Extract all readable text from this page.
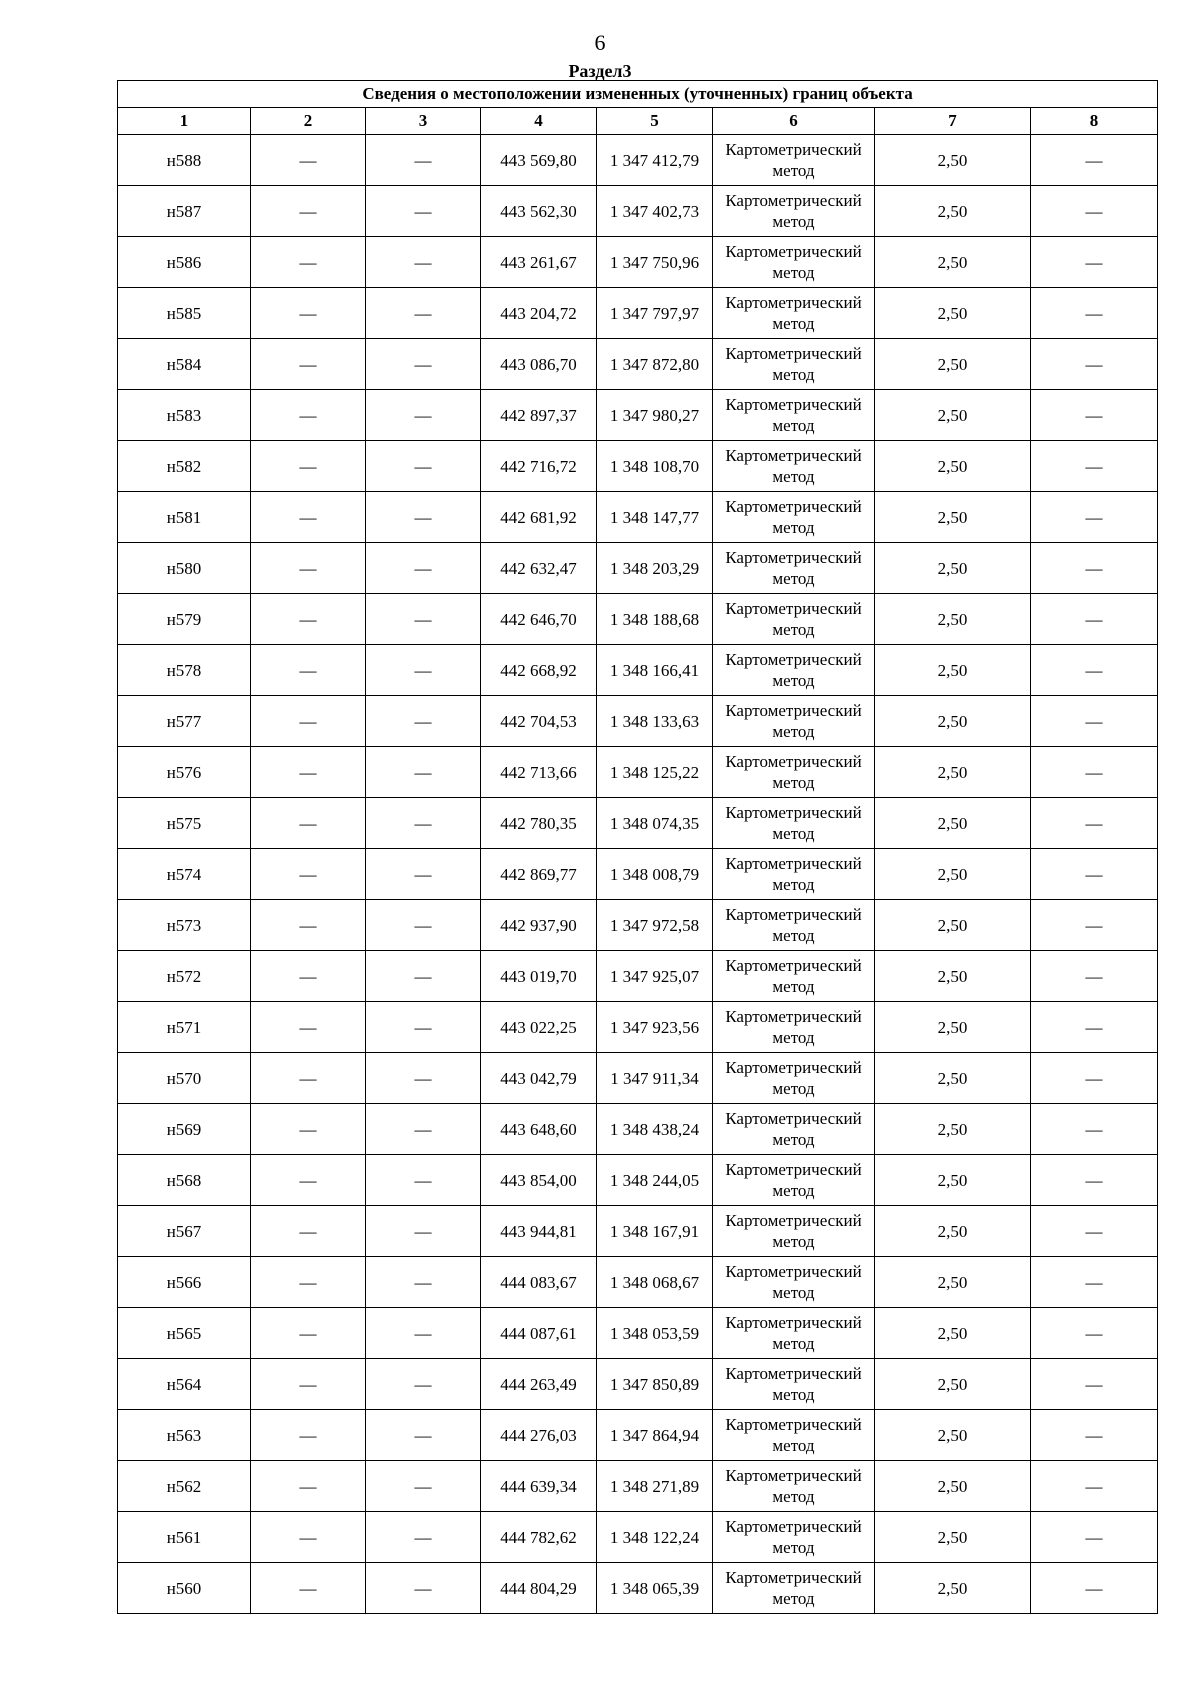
6
Раздел3
Сведения о местоположении измененных (уточненных) границ объекта							
1	2	3	4	5	6	7	8
н588	—	—	443 569,80	1 347 412,79	Картометрический метод	2,50	—
н587	—	—	443 562,30	1 347 402,73	Картометрический метод	2,50	—
н586	—	—	443 261,67	1 347 750,96	Картометрический метод	2,50	—
н585	—	—	443 204,72	1 347 797,97	Картометрический метод	2,50	—
н584	—	—	443 086,70	1 347 872,80	Картометрический метод	2,50	—
н583	—	—	442 897,37	1 347 980,27	Картометрический метод	2,50	—
н582	—	—	442 716,72	1 348 108,70	Картометрический метод	2,50	—
н581	—	—	442 681,92	1 348 147,77	Картометрический метод	2,50	—
н580	—	—	442 632,47	1 348 203,29	Картометрический метод	2,50	—
н579	—	—	442 646,70	1 348 188,68	Картометрический метод	2,50	—
н578	—	—	442 668,92	1 348 166,41	Картометрический метод	2,50	—
н577	—	—	442 704,53	1 348 133,63	Картометрический метод	2,50	—
н576	—	—	442 713,66	1 348 125,22	Картометрический метод	2,50	—
н575	—	—	442 780,35	1 348 074,35	Картометрический метод	2,50	—
н574	—	—	442 869,77	1 348 008,79	Картометрический метод	2,50	—
н573	—	—	442 937,90	1 347 972,58	Картометрический метод	2,50	—
н572	—	—	443 019,70	1 347 925,07	Картометрический метод	2,50	—
н571	—	—	443 022,25	1 347 923,56	Картометрический метод	2,50	—
н570	—	—	443 042,79	1 347 911,34	Картометрический метод	2,50	—
н569	—	—	443 648,60	1 348 438,24	Картометрический метод	2,50	—
н568	—	—	443 854,00	1 348 244,05	Картометрический метод	2,50	—
н567	—	—	443 944,81	1 348 167,91	Картометрический метод	2,50	—
н566	—	—	444 083,67	1 348 068,67	Картометрический метод	2,50	—
н565	—	—	444 087,61	1 348 053,59	Картометрический метод	2,50	—
н564	—	—	444 263,49	1 347 850,89	Картометрический метод	2,50	—
н563	—	—	444 276,03	1 347 864,94	Картометрический метод	2,50	—
н562	—	—	444 639,34	1 348 271,89	Картометрический метод	2,50	—
н561	—	—	444 782,62	1 348 122,24	Картометрический метод	2,50	—
н560	—	—	444 804,29	1 348 065,39	Картометрический метод	2,50	—
